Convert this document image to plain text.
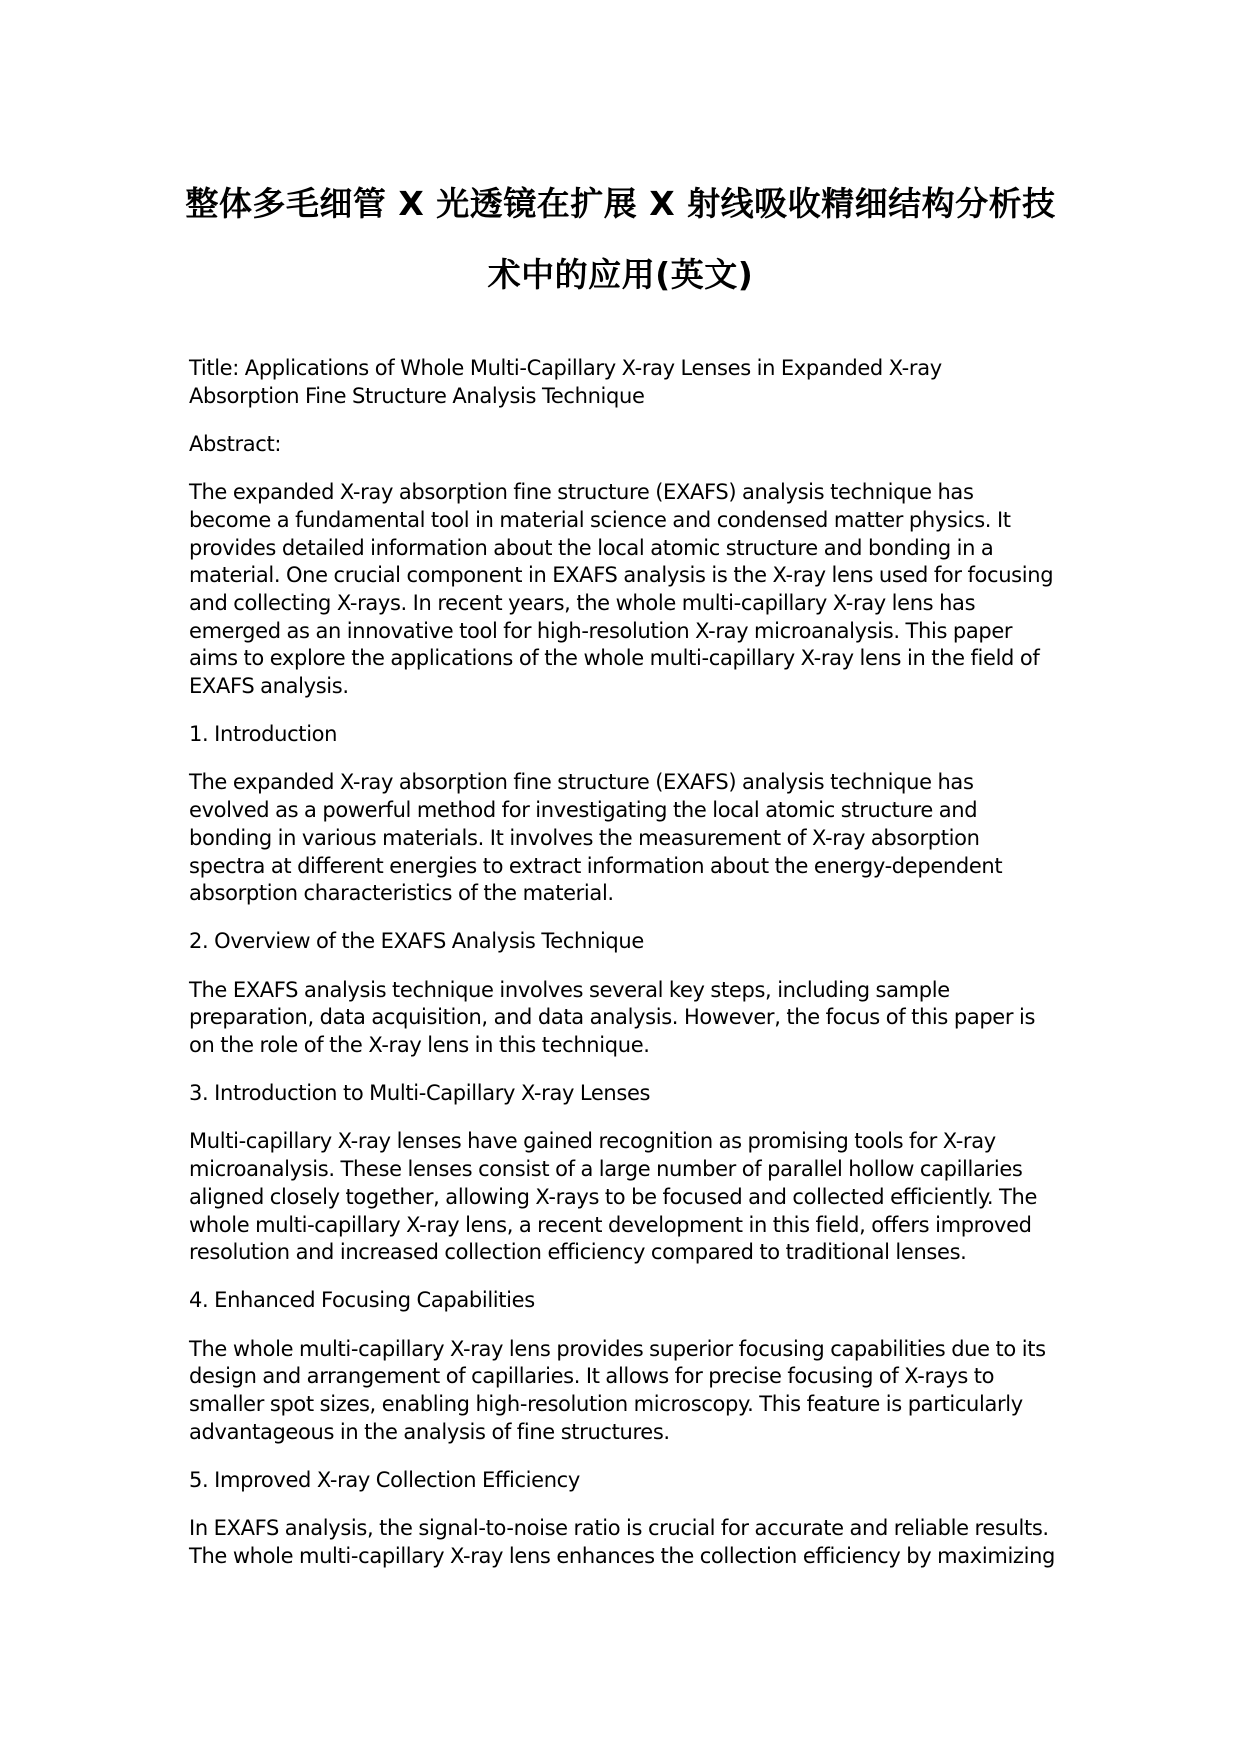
整体多毛细管 X 光透镜在扩展 X 射线吸收精细结构分析技
术中的应用(英文)
Title: Applications of Whole Multi-Capillary X-ray Lenses in Expanded X-ray
Absorption Fine Structure Analysis Technique
Abstract:
The expanded X-ray absorption fine structure (EXAFS) analysis technique has
become a fundamental tool in material science and condensed matter physics. It
provides detailed information about the local atomic structure and bonding in a
material. One crucial component in EXAFS analysis is the X-ray lens used for focusing
and collecting X-rays. In recent years, the whole multi-capillary X-ray lens has
emerged as an innovative tool for high-resolution X-ray microanalysis. This paper
aims to explore the applications of the whole multi-capillary X-ray lens in the field of
EXAFS analysis.
1. Introduction
The expanded X-ray absorption fine structure (EXAFS) analysis technique has
evolved as a powerful method for investigating the local atomic structure and
bonding in various materials. It involves the measurement of X-ray absorption
spectra at different energies to extract information about the energy-dependent
absorption characteristics of the material.
2. Overview of the EXAFS Analysis Technique
The EXAFS analysis technique involves several key steps, including sample
preparation, data acquisition, and data analysis. However, the focus of this paper is
on the role of the X-ray lens in this technique.
3. Introduction to Multi-Capillary X-ray Lenses
Multi-capillary X-ray lenses have gained recognition as promising tools for X-ray
microanalysis. These lenses consist of a large number of parallel hollow capillaries
aligned closely together, allowing X-rays to be focused and collected efficiently. The
whole multi-capillary X-ray lens, a recent development in this field, offers improved
resolution and increased collection efficiency compared to traditional lenses.
4. Enhanced Focusing Capabilities
The whole multi-capillary X-ray lens provides superior focusing capabilities due to its
design and arrangement of capillaries. It allows for precise focusing of X-rays to
smaller spot sizes, enabling high-resolution microscopy. This feature is particularly
advantageous in the analysis of fine structures.
5. Improved X-ray Collection Efficiency
In EXAFS analysis, the signal-to-noise ratio is crucial for accurate and reliable results.
The whole multi-capillary X-ray lens enhances the collection efficiency by maximizing
